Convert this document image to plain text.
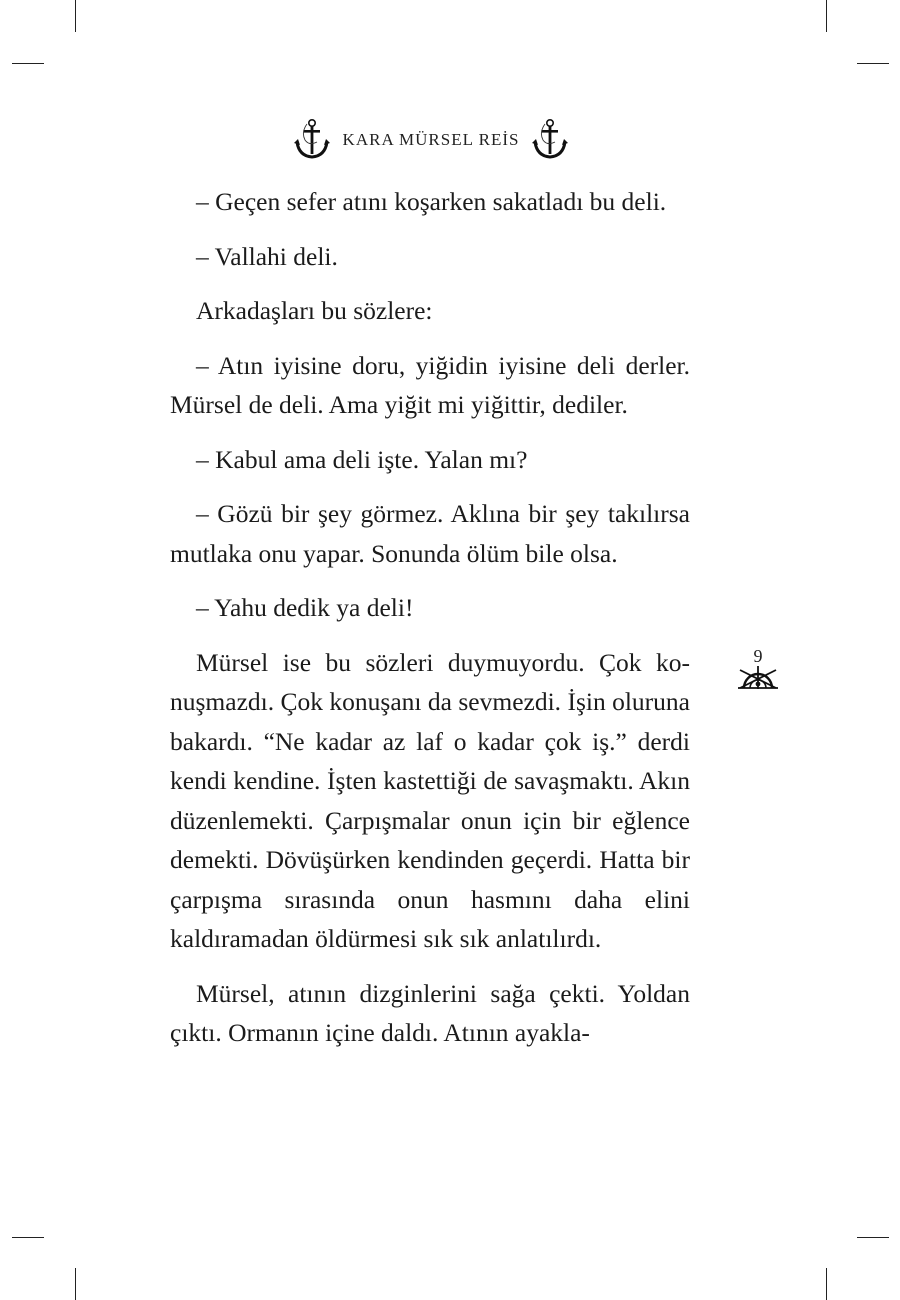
KARA MÜRSEL REİS

– Geçen sefer atını koşarken sakatladı bu deli.

– Vallahi deli.

Arkadaşları bu sözlere:

– Atın iyisine doru, yiğidin iyisine deli derler. Mürsel de deli. Ama yiğit mi yiğittir, dediler.

– Kabul ama deli işte. Yalan mı?

– Gözü bir şey görmez. Aklına bir şey takılırsa mutlaka onu yapar. Sonunda ölüm bile olsa.

– Yahu dedik ya deli!

Mürsel ise bu sözleri duymuyordu. Çok konuşmazdı. Çok konuşanı da sevmezdi. İşin oluruna bakardı. “Ne kadar az laf o kadar çok iş.” derdi kendi kendine. İşten kastettiği de savaşmaktı. Akın düzenlemekti. Çarpışmalar onun için bir eğlence demekti. Dövüşürken kendinden geçerdi. Hatta bir çarpışma sırasında onun hasmını daha elini kaldıramadan öldürmesi sık sık anlatılırdı.

Mürsel, atının dizginlerini sağa çekti. Yoldan çıktı. Ormanın içine daldı. Atının ayakla-

9
